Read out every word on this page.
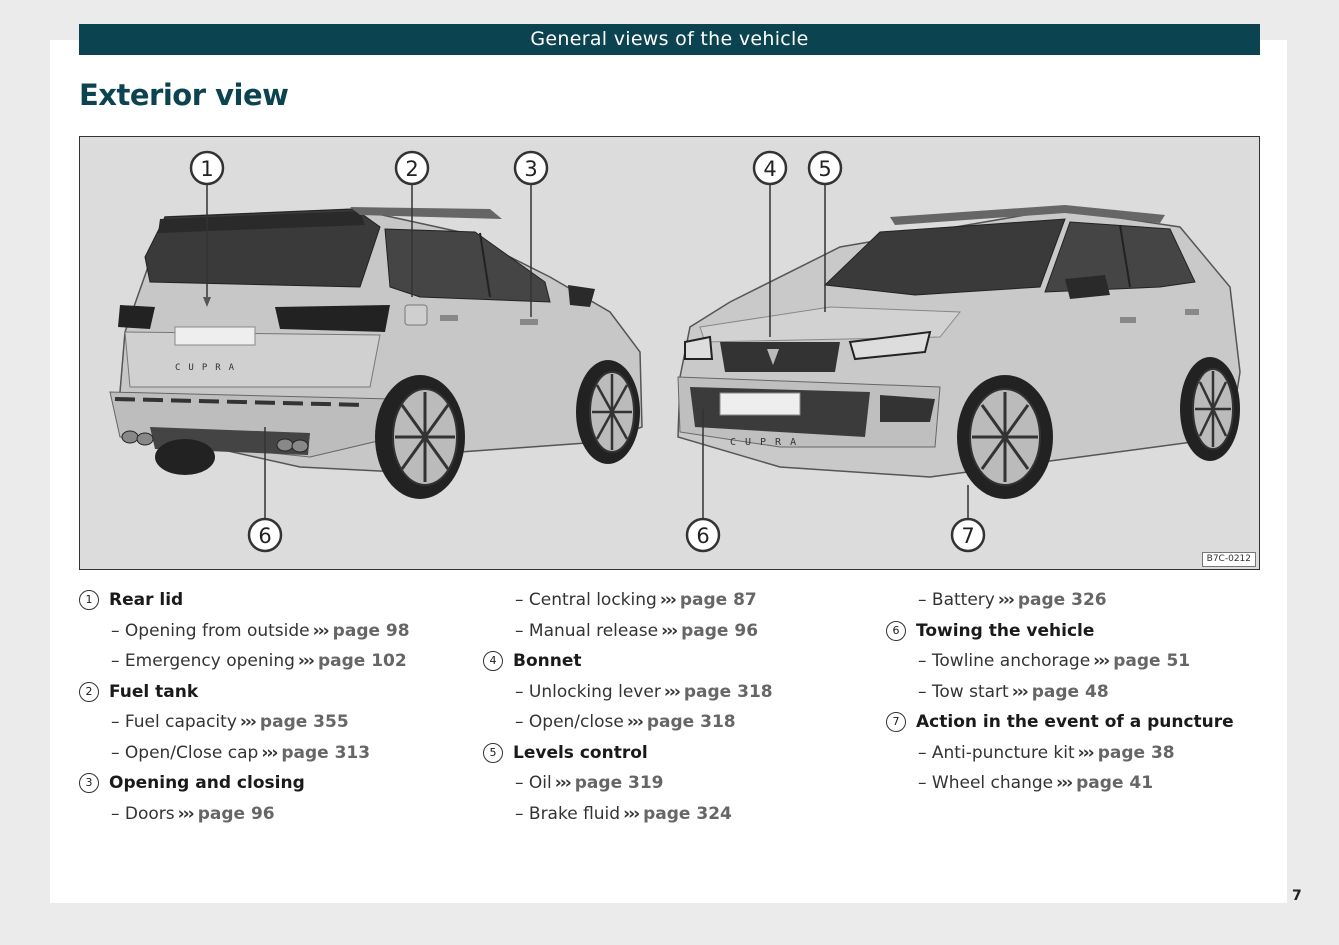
General views of the vehicle
Exterior view
CUPRA
CUPRA
1	2	3	4 5
6	6	7
B7C-0212
1 Rear lid
– Opening from outside ››› page 98
– Emergency opening ››› page 102
2 Fuel tank
– Fuel capacity ››› page 355
– Open/Close cap ››› page 313
3 Opening and closing
– Doors ››› page 96
– Central locking ››› page 87
– Manual release ››› page 96
4 Bonnet
– Unlocking lever ››› page 318
– Open/close ››› page 318
5 Levels control
– Oil ››› page 319
– Brake fluid ››› page 324
– Battery ››› page 326
6 Towing the vehicle
– Towline anchorage ››› page 51
– Tow start ››› page 48
7 Action in the event of a puncture
– Anti-puncture kit ››› page 38
– Wheel change ››› page 41
7
